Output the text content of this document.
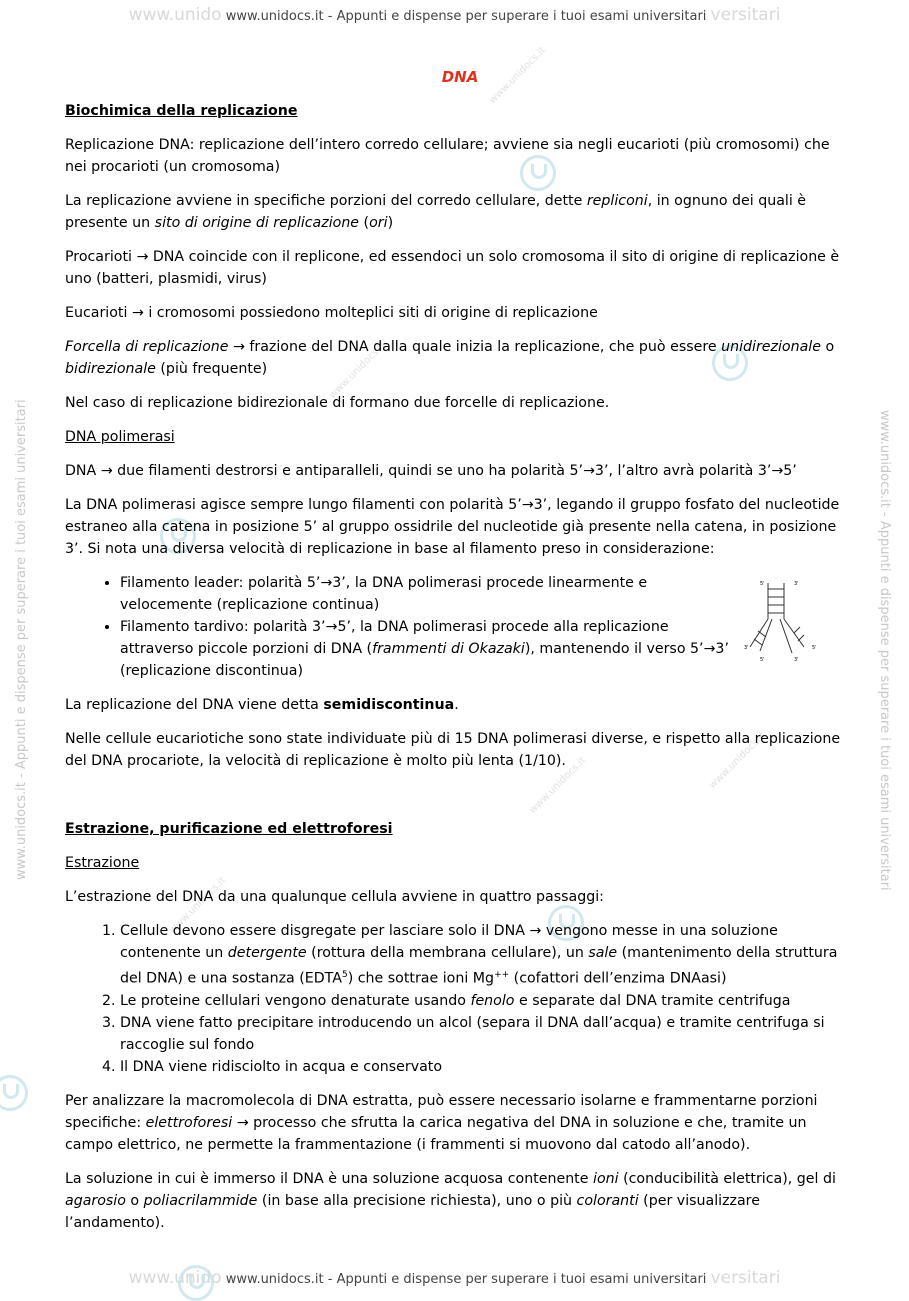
www.unido www.unidocs.it - Appunti e dispense per superare i tuoi esami universitari versitari
www.unido www.unidocs.it - Appunti e dispense per superare i tuoi esami universitari versitari
www.unidocs.it - Appunti e dispense per superare i tuoi esami universitari	www.unidocs.it - Appunti e dispense per superare i tuoi esami universitari
www.unidocs.it
www.unidocs.it
www.unidocs.it
www.unidocs.it
www.unidocs.it
DNA
Biochimica della replicazione

Replicazione DNA: replicazione dell’intero corredo cellulare; avviene sia negli eucarioti (più cromosomi) che nei procarioti (un cromosoma)

La replicazione avviene in specifiche porzioni del corredo cellulare, dette repliconi, in ognuno dei quali è presente un sito di origine di replicazione (ori)

Procarioti → DNA coincide con il replicone, ed essendoci un solo cromosoma il sito di origine di replicazione è uno (batteri, plasmidi, virus)

Eucarioti → i cromosomi possiedono molteplici siti di origine di replicazione

Forcella di replicazione → frazione del DNA dalla quale inizia la replicazione, che può essere unidirezionale o bidirezionale (più frequente)

Nel caso di replicazione bidirezionale di formano due forcelle di replicazione.

DNA polimerasi

DNA → due filamenti destrorsi e antiparalleli, quindi se uno ha polarità 5’→3’, l’altro avrà polarità 3’→5’

La DNA polimerasi agisce sempre lungo filamenti con polarità 5’→3’, legando il gruppo fosfato del nucleotide estraneo alla catena in posizione 5’ al gruppo ossidrile del nucleotide già presente nella catena, in posizione 3’. Si nota una diversa velocità di replicazione in base al filamento preso in considerazione:

• Filamento leader: polarità 5’→3’, la DNA polimerasi procede linearmente e velocemente (replicazione continua)
• Filamento tardivo: polarità 3’→5’, la DNA polimerasi procede alla replicazione attraverso piccole porzioni di DNA (frammenti di Okazaki), mantenendo il verso 5’→3’ (replicazione discontinua)

La replicazione del DNA viene detta semidiscontinua.

Nelle cellule eucariotiche sono state individuate più di 15 DNA polimerasi diverse, e rispetto alla replicazione del DNA procariote, la velocità di replicazione è molto più lenta (1/10).

Estrazione, purificazione ed elettroforesi
Estrazione

L’estrazione del DNA da una qualunque cellula avviene in quattro passaggi:

1. Cellule devono essere disgregate per lasciare solo il DNA → vengono messe in una soluzione contenente un detergente (rottura della membrana cellulare), un sale (mantenimento della struttura del DNA) e una sostanza (EDTA$^5$) che sottrae ioni Mg++ (cofattori dell’enzima DNAasi)
2. Le proteine cellulari vengono denaturate usando fenolo e separate dal DNA tramite centrifuga
3. DNA viene fatto precipitare introducendo un alcol (separa il DNA dall’acqua) e tramite centrifuga si raccoglie sul fondo
4. Il DNA viene ridisciolto in acqua e conservato

Per analizzare la macromolecola di DNA estratta, può essere necessario isolarne e frammentarne porzioni specifiche: elettroforesi → processo che sfrutta la carica negativa del DNA in soluzione e che, tramite un campo elettrico, ne permette la frammentazione (i frammenti si muovono dal catodo all’anodo).

La soluzione in cui è immerso il DNA è una soluzione acquosa contenente ioni (conducibilità elettrica), gel di agarosio o poliacrilammide (in base alla precisione richiesta), uno o più coloranti (per visualizzare l’andamento).

5'	3'
3'	5'
5'	3'
